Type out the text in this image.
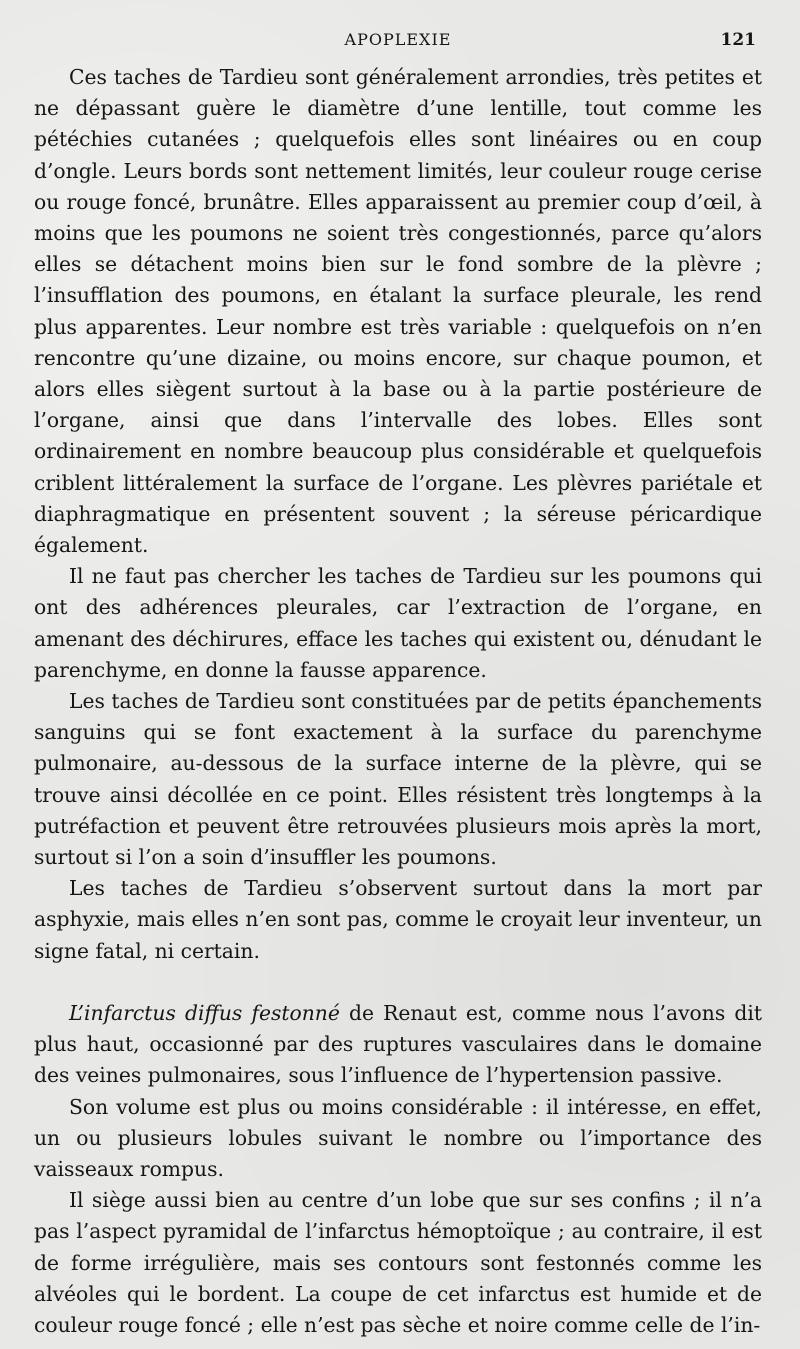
APOPLEXIE	121

Ces taches de Tardieu sont généralement arrondies, très petites et ne dépassant guère le diamètre d’une lentille, tout comme les pétéchies cutanées ; quelquefois elles sont linéaires ou en coup d’ongle. Leurs bords sont nettement limités, leur couleur rouge cerise ou rouge foncé, brunâtre. Elles apparaissent au premier coup d’œil, à moins que les poumons ne soient très congestionnés, parce qu’alors elles se détachent moins bien sur le fond sombre de la plèvre ; l’insufflation des poumons, en étalant la surface pleurale, les rend plus apparentes. Leur nombre est très variable : quelquefois on n’en rencontre qu’une dizaine, ou moins encore, sur chaque poumon, et alors elles siègent surtout à la base ou à la partie postérieure de l’organe, ainsi que dans l’intervalle des lobes. Elles sont ordinairement en nombre beaucoup plus considérable et quelquefois criblent littéralement la surface de l’organe. Les plèvres pariétale et diaphragmatique en présentent souvent ; la séreuse péricardique également.

Il ne faut pas chercher les taches de Tardieu sur les poumons qui ont des adhérences pleurales, car l’extraction de l’organe, en amenant des déchirures, efface les taches qui existent ou, dénudant le parenchyme, en donne la fausse apparence.

Les taches de Tardieu sont constituées par de petits épanchements sanguins qui se font exactement à la surface du parenchyme pulmonaire, au-dessous de la surface interne de la plèvre, qui se trouve ainsi décollée en ce point. Elles résistent très longtemps à la putréfaction et peuvent être retrouvées plusieurs mois après la mort, surtout si l’on a soin d’insuffler les poumons.

Les taches de Tardieu s’observent surtout dans la mort par asphyxie, mais elles n’en sont pas, comme le croyait leur inventeur, un signe fatal, ni certain.

L’infarctus diffus festonné de Renaut est, comme nous l’avons dit plus haut, occasionné par des ruptures vasculaires dans le domaine des veines pulmonaires, sous l’influence de l’hypertension passive.

Son volume est plus ou moins considérable : il intéresse, en effet, un ou plusieurs lobules suivant le nombre ou l’importance des vaisseaux rompus.

Il siège aussi bien au centre d’un lobe que sur ses confins ; il n’a pas l’aspect pyramidal de l’infarctus hémoptoïque ; au contraire, il est de forme irrégulière, mais ses contours sont festonnés comme les alvéoles qui le bordent. La coupe de cet infarctus est humide et de couleur rouge foncé ; elle n’est pas sèche et noire comme celle de l’in-
